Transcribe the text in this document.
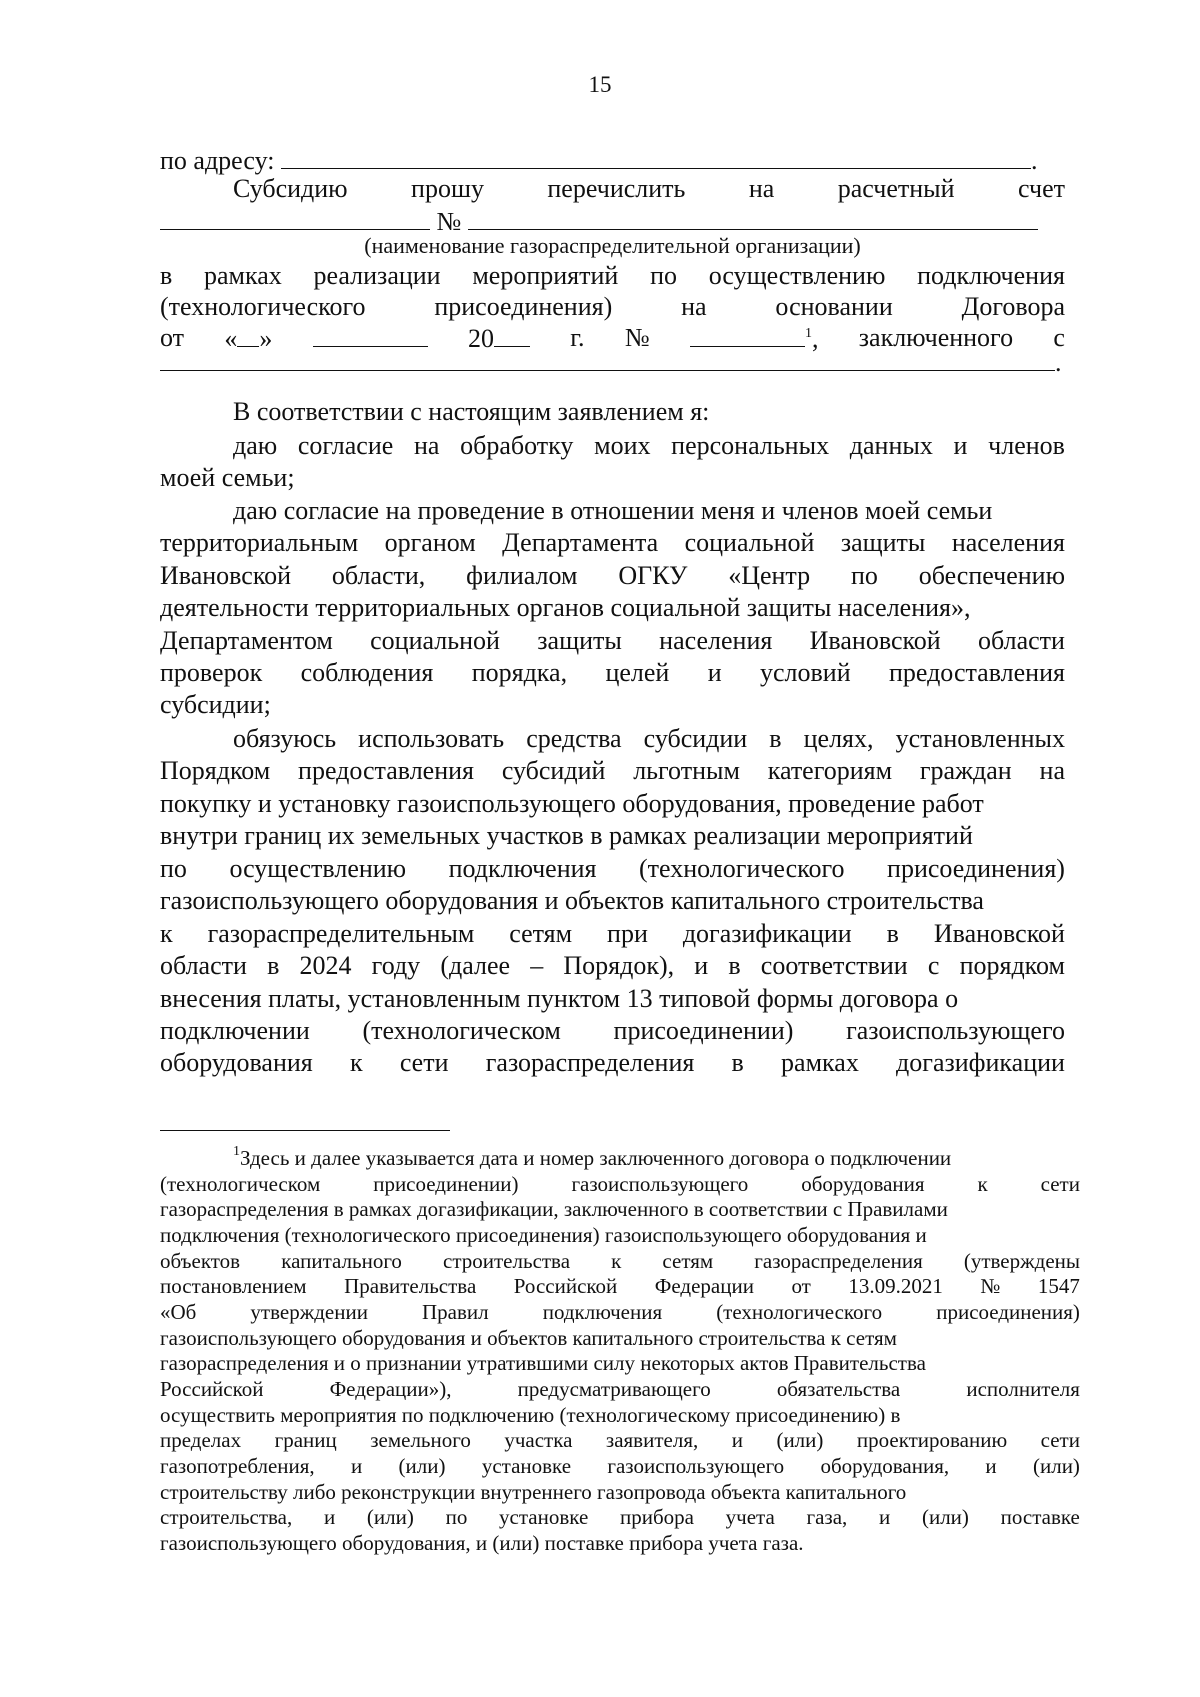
15
по адресу:	.
Субсидию прошу перечислить на расчетный счет
№
(наименование газораспределительной организации)
в рамках реализации мероприятий по осуществлению подключения
(технологического	присоединения)	на	основании	Договора
от « »	20	г. №	$^1$, заключенного с
.
В соответствии с настоящим заявлением я:
даю согласие на обработку моих персональных данных и членов
моей семьи;
даю согласие на проведение в отношении меня и членов моей семьи
территориальным органом Департамента социальной защиты населения
Ивановской области, филиалом ОГКУ «Центр по обеспечению
деятельности территориальных органов социальной защиты населения»,
Департаментом социальной защиты населения Ивановской области
проверок соблюдения порядка, целей и условий предоставления
субсидии;
обязуюсь использовать средства субсидии в целях, установленных
Порядком предоставления субсидий льготным категориям граждан на
покупку и установку газоиспользующего оборудования, проведение работ
внутри границ их земельных участков в рамках реализации мероприятий
по осуществлению подключения (технологического присоединения)
газоиспользующего оборудования и объектов капитального строительства
к газораспределительным сетям при догазификации в Ивановской
области в 2024 году (далее – Порядок), и в соответствии с порядком
внесения платы, установленным пунктом 13 типовой формы договора о
подключении (технологическом присоединении) газоиспользующего
оборудования к сети газораспределения в рамках догазификации
$^1$Здесь и далее указывается дата и номер заключенного договора о подключении
(технологическом	присоединении)	газоиспользующего	оборудования	к	сети
газораспределения в рамках догазификации, заключенного в соответствии с Правилами
подключения (технологического присоединения) газоиспользующего оборудования и
объектов капитального строительства к сетям газораспределения (утверждены
постановлением Правительства Российской Федерации от 13.09.2021 № 1547
«Об	утверждении	Правил	подключения	(технологического	присоединения)
газоиспользующего оборудования и объектов капитального строительства к сетям
газораспределения и о признании утратившими силу некоторых актов Правительства
Российской	Федерации»),	предусматривающего	обязательства	исполнителя
осуществить мероприятия по подключению (технологическому присоединению) в
пределах границ земельного участка заявителя, и (или) проектированию сети
газопотребления, и (или) установке газоиспользующего оборудования, и (или)
строительству либо реконструкции внутреннего газопровода объекта капитального
строительства, и (или) по установке прибора учета газа, и (или) поставке
газоиспользующего оборудования, и (или) поставке прибора учета газа.
